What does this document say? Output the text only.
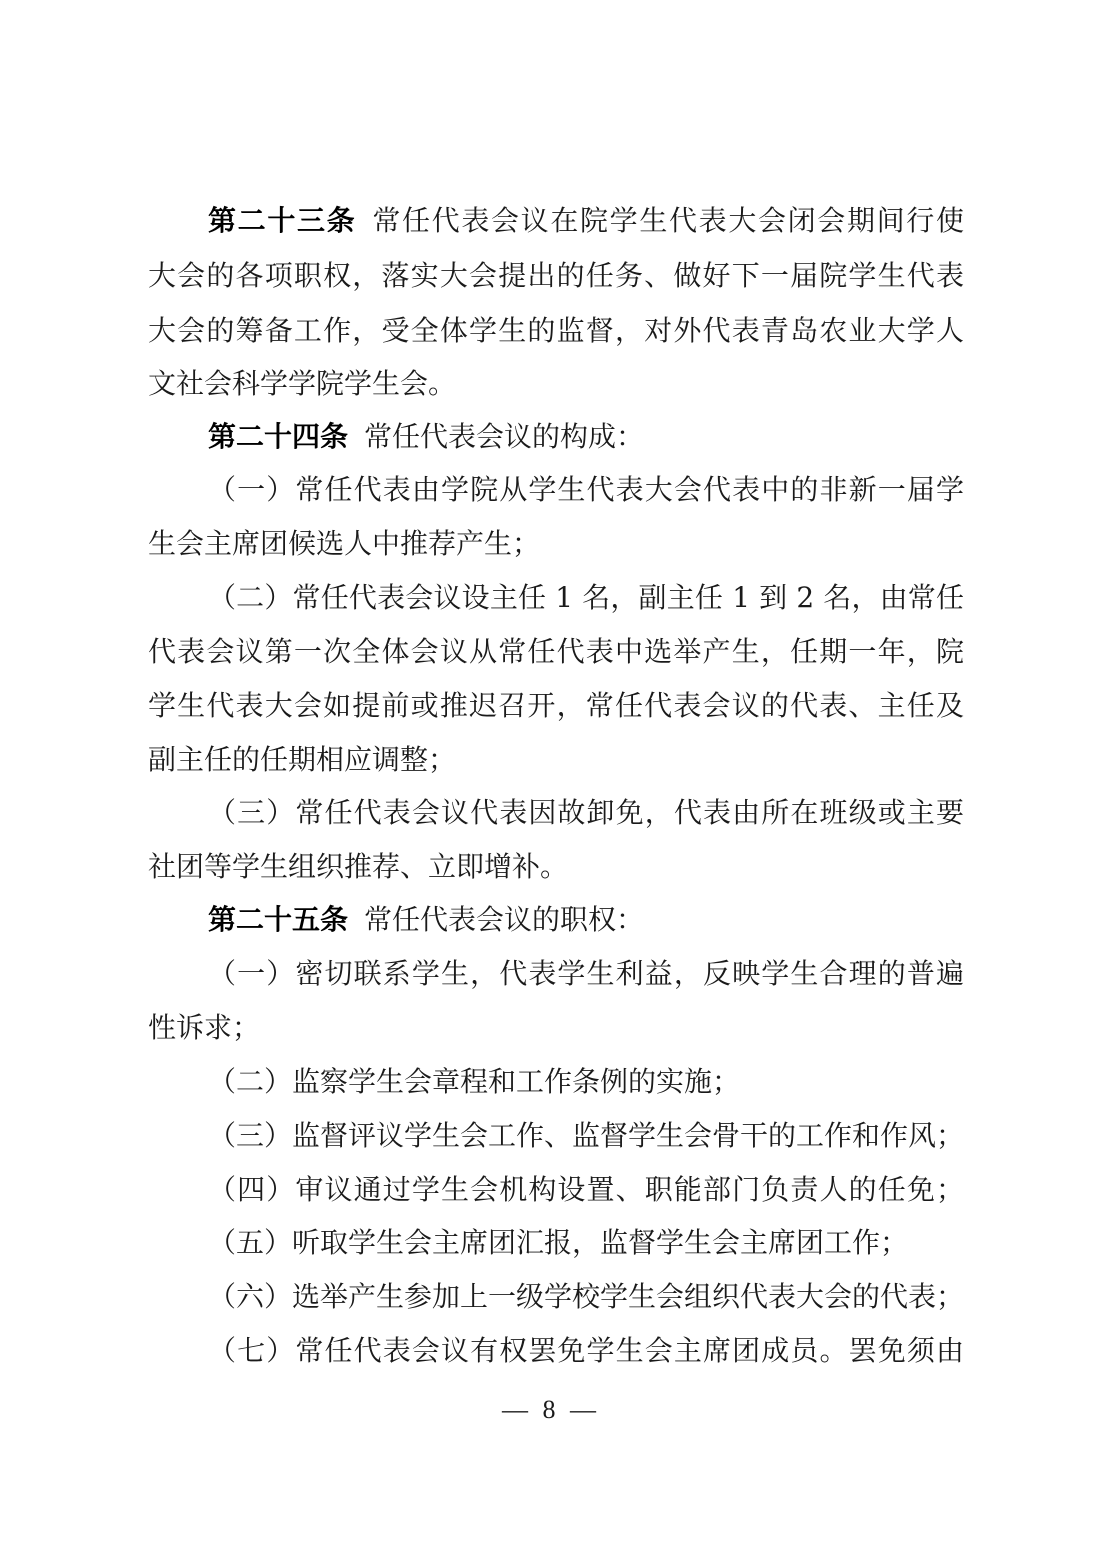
第二十三条 常任代表会议在院学生代表大会闭会期间行使
大会的各项职权，落实大会提出的任务、做好下一届院学生代表
大会的筹备工作，受全体学生的监督，对外代表青岛农业大学人
文社会科学学院学生会。
第二十四条 常任代表会议的构成：
（一）常任代表由学院从学生代表大会代表中的非新一届学
生会主席团候选人中推荐产生；
（二）常任代表会议设主任 1 名，副主任 1 到 2 名，由常任
代表会议第一次全体会议从常任代表中选举产生，任期一年，院
学生代表大会如提前或推迟召开，常任代表会议的代表、主任及
副主任的任期相应调整；
（三）常任代表会议代表因故卸免，代表由所在班级或主要
社团等学生组织推荐、立即增补。
第二十五条 常任代表会议的职权：
（一）密切联系学生，代表学生利益，反映学生合理的普遍
性诉求；
（二）监察学生会章程和工作条例的实施；
（三）监督评议学生会工作、监督学生会骨干的工作和作风；
（四）审议通过学生会机构设置、职能部门负责人的任免；
（五）听取学生会主席团汇报，监督学生会主席团工作；
（六）选举产生参加上一级学校学生会组织代表大会的代表；
（七）常任代表会议有权罢免学生会主席团成员。罢免须由
— 8 —
